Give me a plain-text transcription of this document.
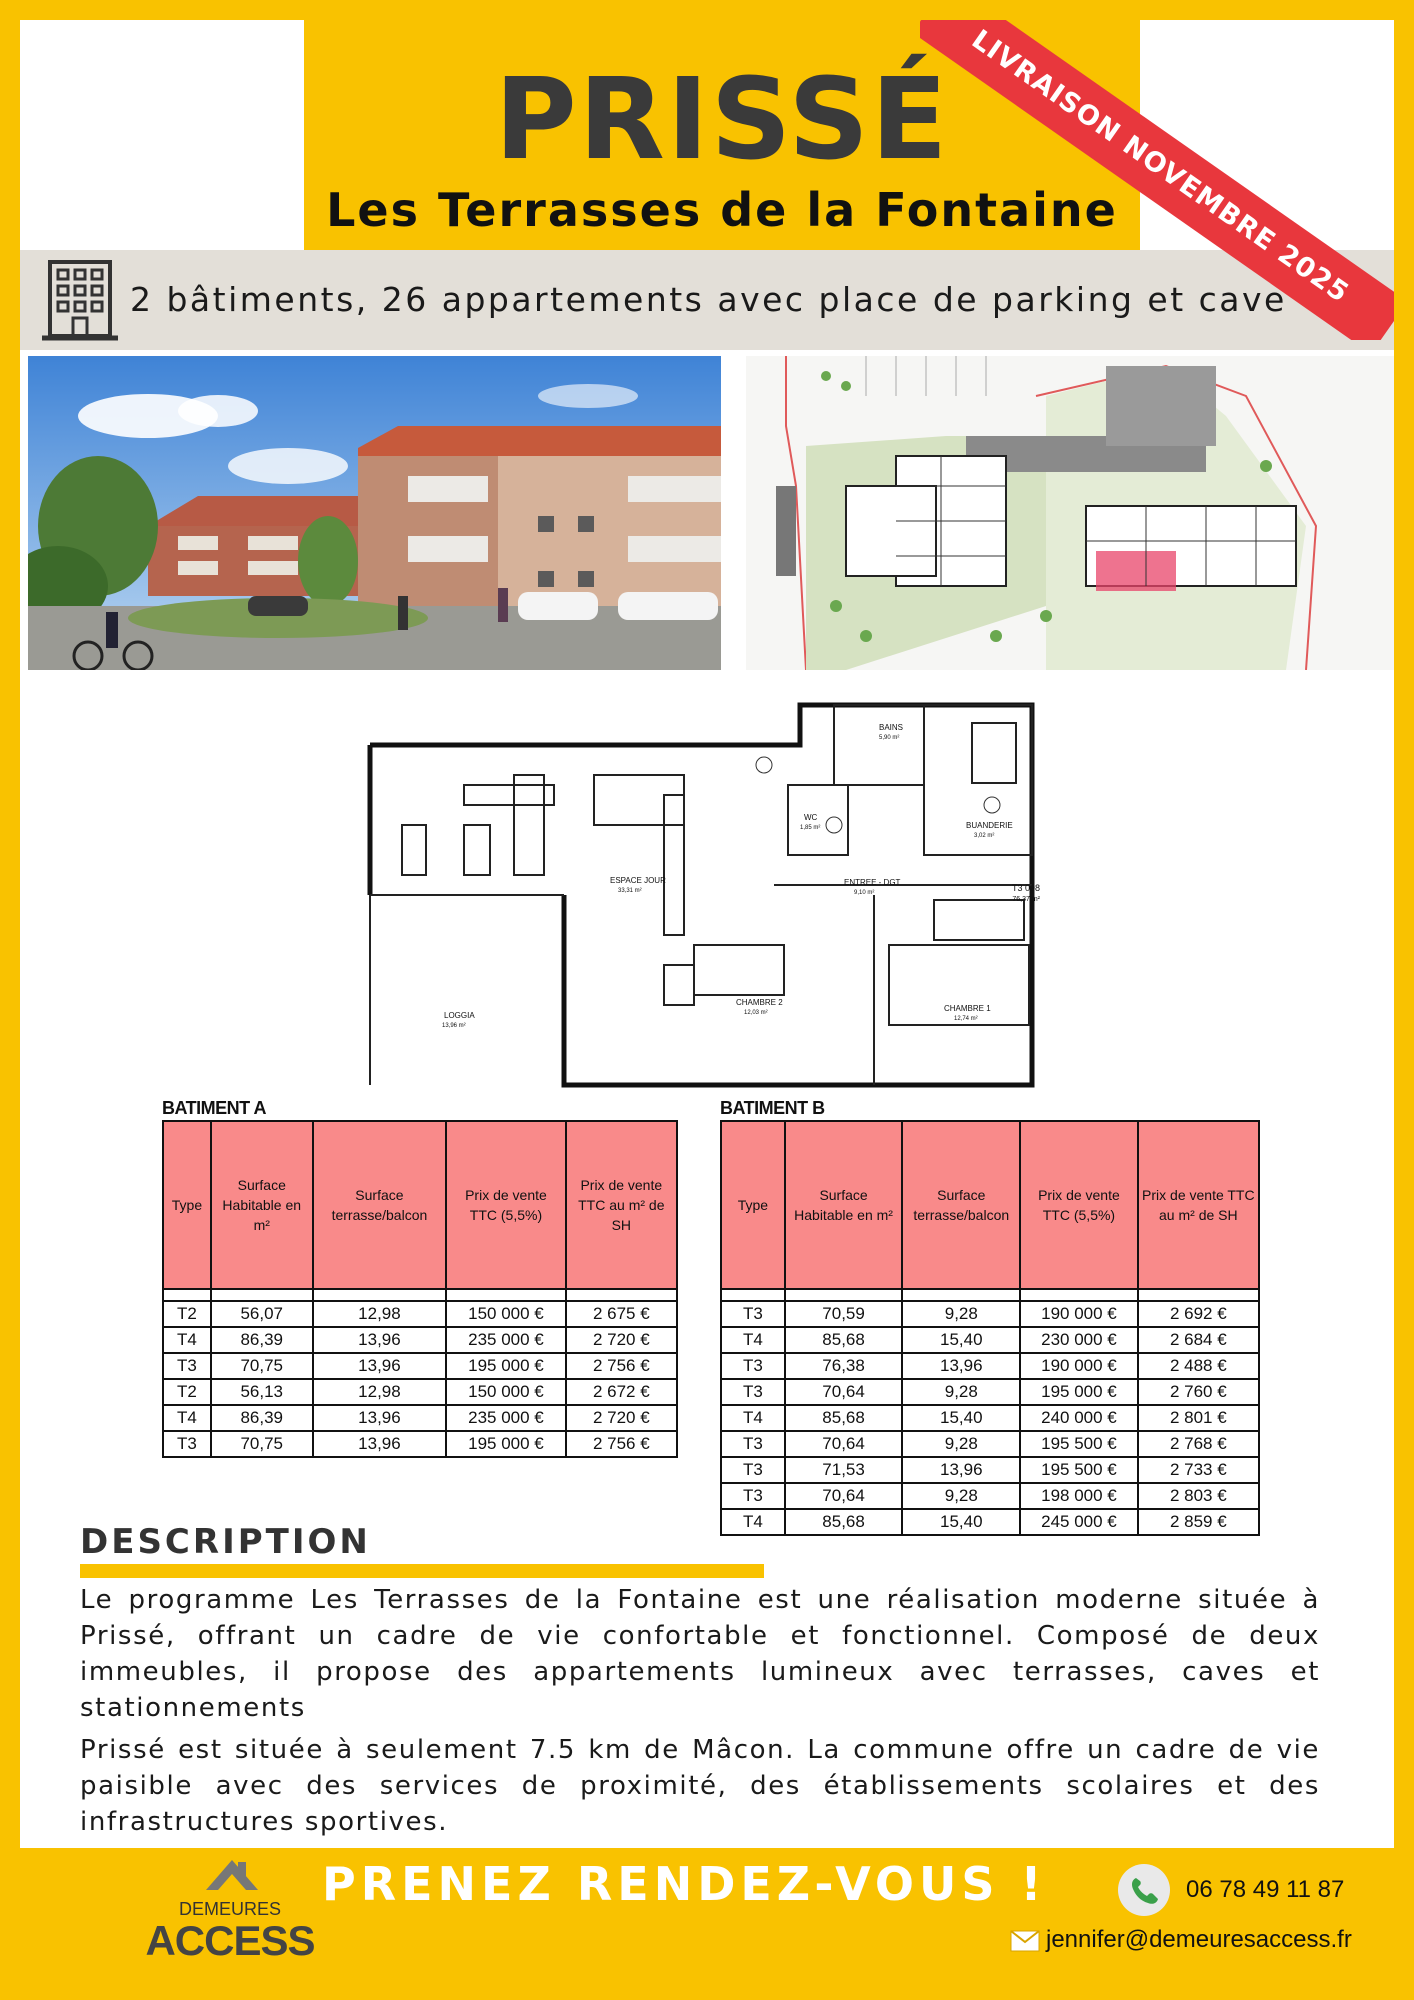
PRISSÉ
Les Terrasses de la Fontaine
2 bâtiments, 26 appartements avec place de parking et cave
LIVRAISON NOVEMBRE 2025
ESPACE JOUR
33,31 m²
ENTREE - DGT
9,10 m²
BAINS
5,90 m²
WC
1,85 m²	BUANDERIE
3,02 m²
CHAMBRE 2
12,03 m²	CHAMBRE 1
12,74 m²
LOGGIA
13,96 m²
T3 008
76,37 m²
BATIMENT A
Type	Surface Habitable en m²	Surface terrasse/balcon	Prix de vente TTC (5,5%)	Prix de vente TTC au m² de SH

T2	56,07	12,98	150 000 €	2 675 €
T4	86,39	13,96	235 000 €	2 720 €
T3	70,75	13,96	195 000 €	2 756 €
T2	56,13	12,98	150 000 €	2 672 €
T4	86,39	13,96	235 000 €	2 720 €
T3	70,75	13,96	195 000 €	2 756 €
BATIMENT B
Type	Surface Habitable en m²	Surface terrasse/balcon	Prix de vente TTC (5,5%)	Prix de vente TTC au m² de SH

T3	70,59	9,28	190 000 €	2 692 €
T4	85,68	15,40	230 000 €	2 684 €
T3	76,38	13,96	190 000 €	2 488 €
T3	70,64	9,28	195 000 €	2 760 €
T4	85,68	15,40	240 000 €	2 801 €
T3	70,64	9,28	195 500 €	2 768 €
T3	71,53	13,96	195 500 €	2 733 €
T3	70,64	9,28	198 000 €	2 803 €
T4	85,68	15,40	245 000 €	2 859 €
DESCRIPTION

Le programme Les Terrasses de la Fontaine est une réalisation moderne située à Prissé, offrant un cadre de vie confortable et fonctionnel. Composé de deux immeubles, il propose des appartements lumineux avec terrasses, caves et stationnements

Prissé est située à seulement 7.5 km de Mâcon. La commune offre un cadre de vie paisible avec des services de proximité, des établissements scolaires et des infrastructures sportives.

DEMEURES
ACCESS
PRENEZ RENDEZ-VOUS !	06 78 49 11 87
jennifer@demeuresaccess.fr
